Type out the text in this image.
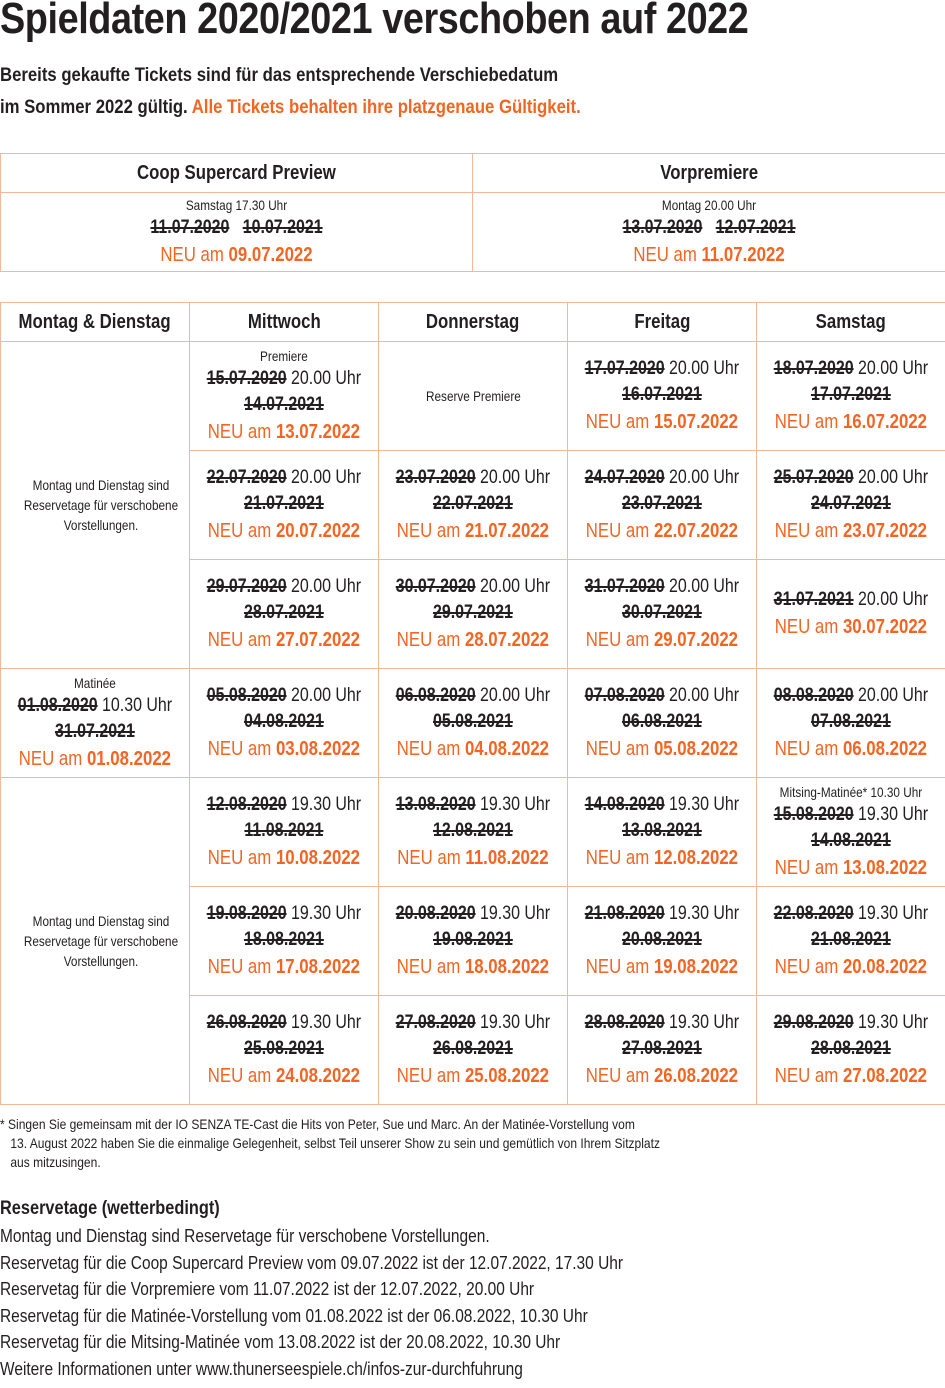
Spieldaten 2020/2021 verschoben auf 2022
Bereits gekaufte Tickets sind für das entsprechende Verschiebedatum
im Sommer 2022 gültig. Alle Tickets behalten ihre platzgenaue Gültigkeit.
Coop Supercard Preview	Vorpremiere

Samstag 17.30 Uhr
11.07.2020 10.07.2021
NEU am 09.07.2022	Montag 20.00 Uhr
13.07.2020 12.07.2021
NEU am 11.07.2022
Montag & Dienstag	Mittwoch	Donnerstag	Freitag	Samstag

Montag und Dienstag sind Reservetage für verschobene Vorstellungen.	Premiere
15.07.2020 20.00 Uhr
14.07.2021
NEU am 13.07.2022	Reserve Premiere	17.07.2020 20.00 Uhr
16.07.2021
NEU am 15.07.2022	18.07.2020 20.00 Uhr
17.07.2021
NEU am 16.07.2022

	22.07.2020 20.00 Uhr
21.07.2021
NEU am 20.07.2022	23.07.2020 20.00 Uhr
22.07.2021
NEU am 21.07.2022	24.07.2020 20.00 Uhr
23.07.2021
NEU am 22.07.2022	25.07.2020 20.00 Uhr
24.07.2021
NEU am 23.07.2022

	29.07.2020 20.00 Uhr
28.07.2021
NEU am 27.07.2022	30.07.2020 20.00 Uhr
29.07.2021
NEU am 28.07.2022	31.07.2020 20.00 Uhr
30.07.2021
NEU am 29.07.2022	31.07.2021 20.00 Uhr
NEU am 30.07.2022

Matinée
01.08.2020 10.30 Uhr
31.07.2021
NEU am 01.08.2022	05.08.2020 20.00 Uhr
04.08.2021
NEU am 03.08.2022	06.08.2020 20.00 Uhr
05.08.2021
NEU am 04.08.2022	07.08.2020 20.00 Uhr
06.08.2021
NEU am 05.08.2022	08.08.2020 20.00 Uhr
07.08.2021
NEU am 06.08.2022

Montag und Dienstag sind Reservetage für verschobene Vorstellungen.	12.08.2020 19.30 Uhr
11.08.2021
NEU am 10.08.2022	13.08.2020 19.30 Uhr
12.08.2021
NEU am 11.08.2022	14.08.2020 19.30 Uhr
13.08.2021
NEU am 12.08.2022	Mitsing-Matinée* 10.30 Uhr
15.08.2020 19.30 Uhr
14.08.2021
NEU am 13.08.2022

	19.08.2020 19.30 Uhr
18.08.2021
NEU am 17.08.2022	20.08.2020 19.30 Uhr
19.08.2021
NEU am 18.08.2022	21.08.2020 19.30 Uhr
20.08.2021
NEU am 19.08.2022	22.08.2020 19.30 Uhr
21.08.2021
NEU am 20.08.2022

	26.08.2020 19.30 Uhr
25.08.2021
NEU am 24.08.2022	27.08.2020 19.30 Uhr
26.08.2021
NEU am 25.08.2022	28.08.2020 19.30 Uhr
27.08.2021
NEU am 26.08.2022	29.08.2020 19.30 Uhr
28.08.2021
NEU am 27.08.2022
* Singen Sie gemeinsam mit der IO SENZA TE-Cast die Hits von Peter, Sue und Marc. An der Matinée-Vorstellung vom
13. August 2022 haben Sie die einmalige Gelegenheit, selbst Teil unserer Show zu sein und gemütlich von Ihrem Sitzplatz
aus mitzusingen.
Reservetage (wetterbedingt)
Montag und Dienstag sind Reservetage für verschobene Vorstellungen.
Reservetag für die Coop Supercard Preview vom 09.07.2022 ist der 12.07.2022, 17.30 Uhr
Reservetag für die Vorpremiere vom 11.07.2022 ist der 12.07.2022, 20.00 Uhr
Reservetag für die Matinée-Vorstellung vom 01.08.2022 ist der 06.08.2022, 10.30 Uhr
Reservetag für die Mitsing-Matinée vom 13.08.2022 ist der 20.08.2022, 10.30 Uhr
Weitere Informationen unter www.thunerseespiele.ch/infos-zur-durchfuhrung
